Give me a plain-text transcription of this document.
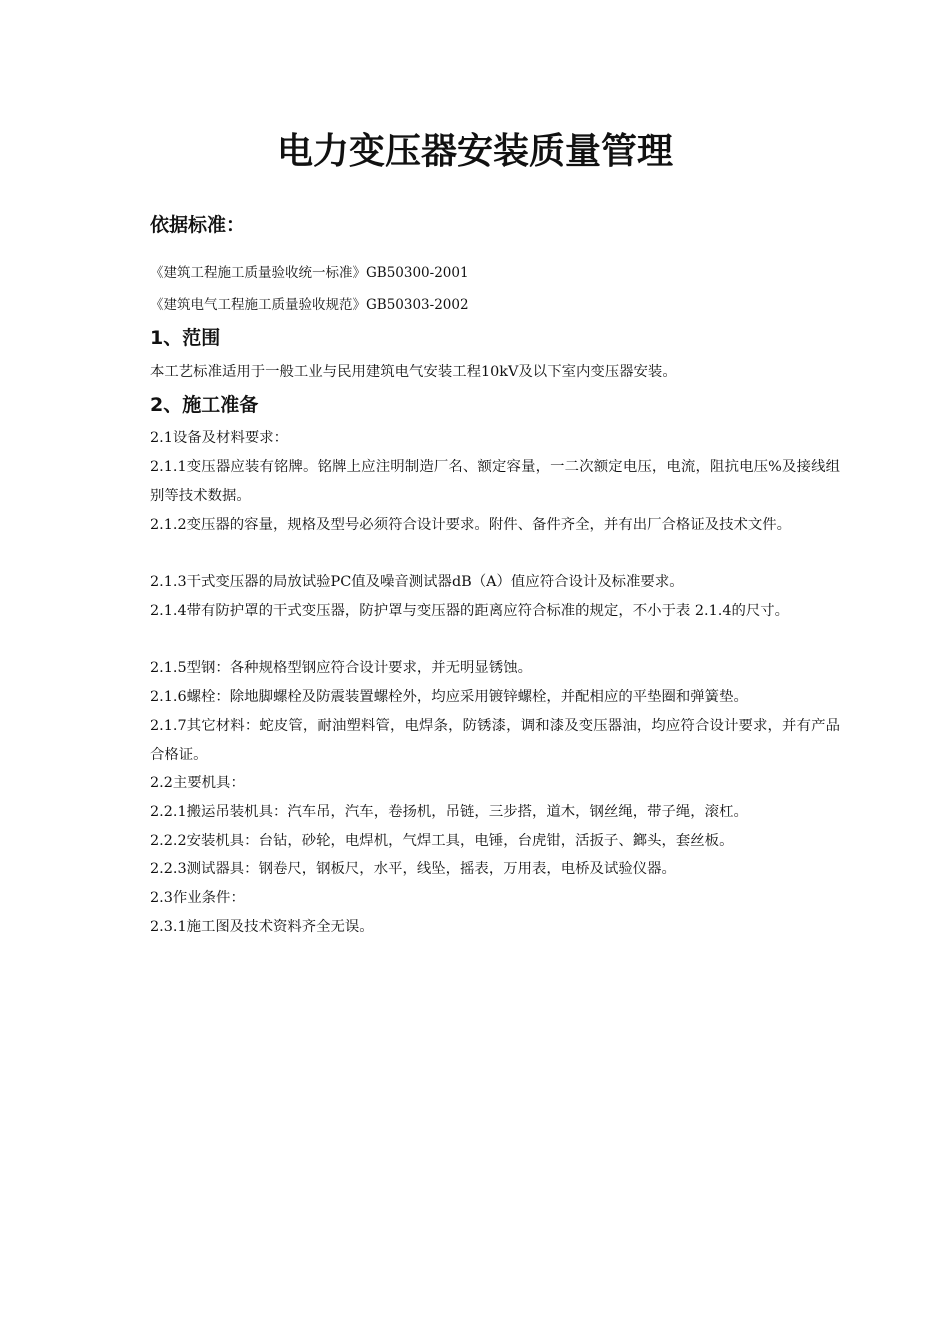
电力变压器安装质量管理
依据标准：

《建筑工程施工质量验收统一标准》GB50300-2001

《建筑电气工程施工质量验收规范》GB50303-2002

1、范围

本工艺标准适用于一般工业与民用建筑电气安装工程10kV及以下室内变压器安装。

2、施工准备

2.1设备及材料要求：

2.1.1变压器应装有铭牌。铭牌上应注明制造厂名、额定容量，一二次额定电压，电流，阻抗电压%及接线组别等技术数据。

2.1.2变压器的容量，规格及型号必须符合设计要求。附件、备件齐全，并有出厂合格证及技术文件。

2.1.3干式变压器的局放试验PC值及噪音测试器dB（A）值应符合设计及标准要求。

2.1.4带有防护罩的干式变压器，防护罩与变压器的距离应符合标准的规定，不小于表 2.1.4的尺寸。

2.1.5型钢：各种规格型钢应符合设计要求，并无明显锈蚀。

2.1.6螺栓：除地脚螺栓及防震装置螺栓外，均应采用镀锌螺栓，并配相应的平垫圈和弹簧垫。

2.1.7其它材料：蛇皮管，耐油塑料管，电焊条，防锈漆，调和漆及变压器油，均应符合设计要求，并有产品合格证。

2.2主要机具：

2.2.1搬运吊装机具：汽车吊，汽车，卷扬机，吊链，三步搭，道木，钢丝绳，带子绳，滚杠。

2.2.2安装机具：台钻，砂轮，电焊机，气焊工具，电锤，台虎钳，活扳子、鎯头，套丝板。

2.2.3测试器具：钢卷尺，钢板尺，水平，线坠，摇表，万用表，电桥及试验仪器。

2.3作业条件：

2.3.1施工图及技术资料齐全无误。
